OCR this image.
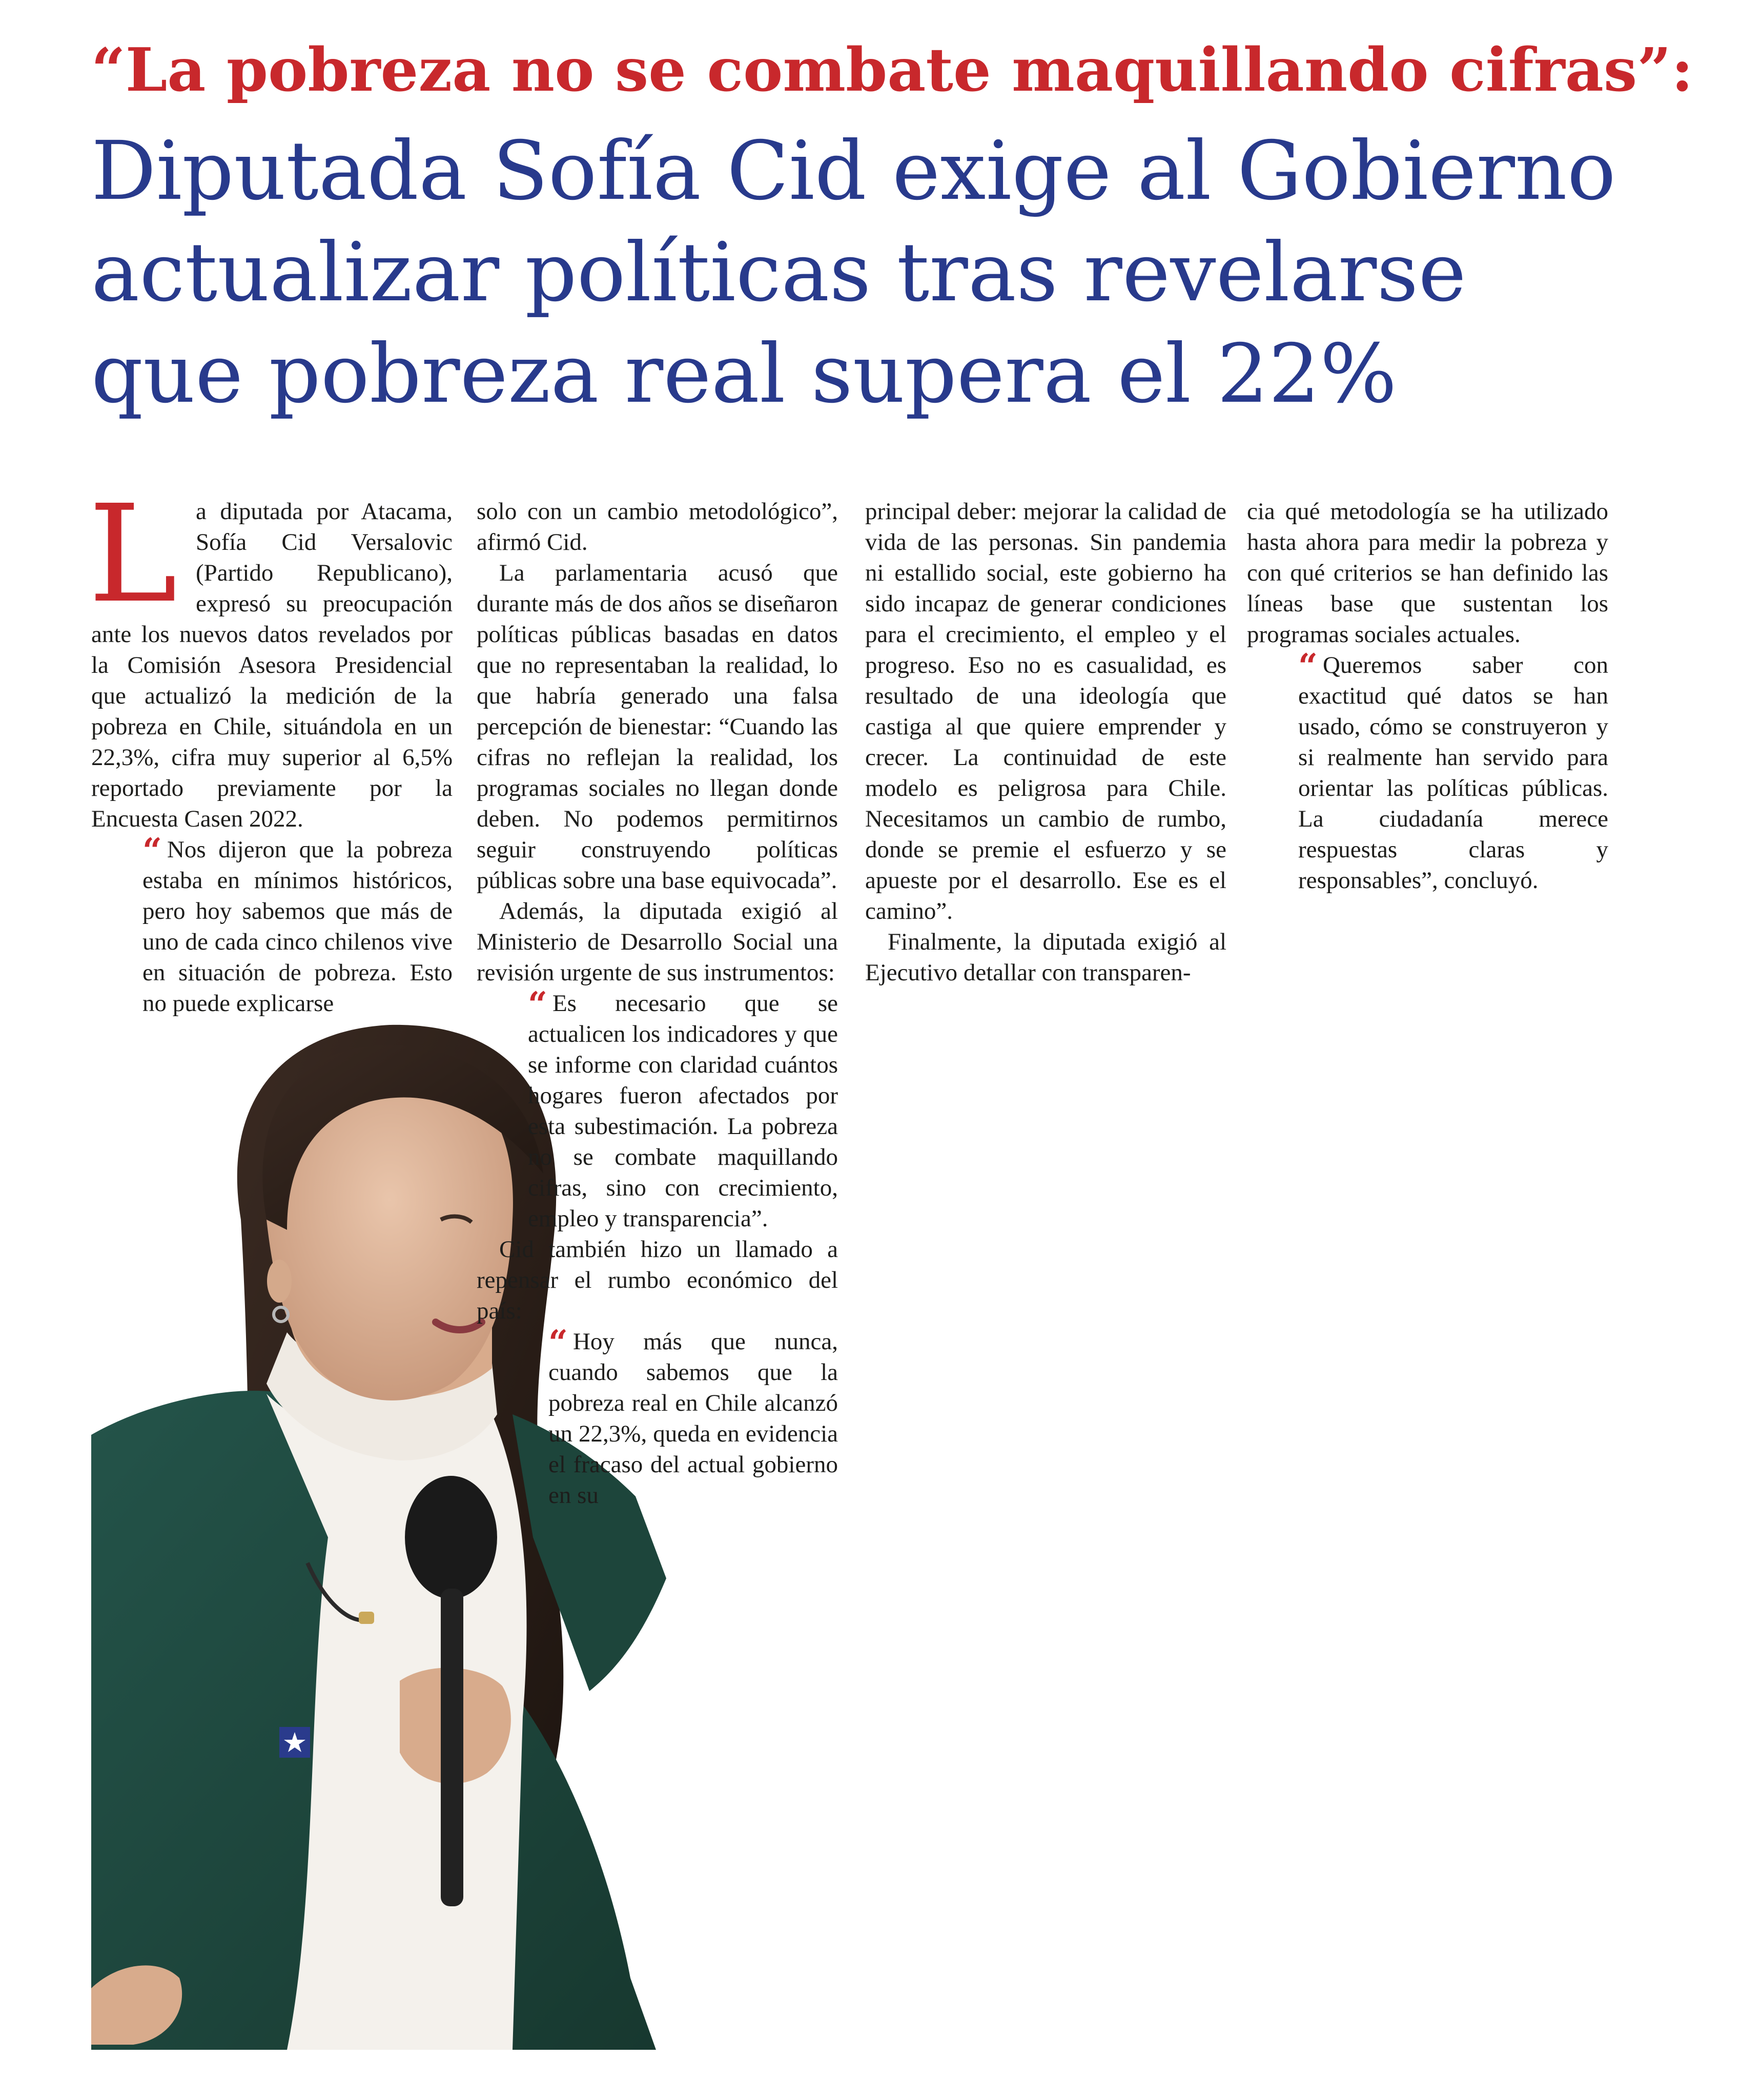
“La pobreza no se combate maquillando cifras”:
Diputada Sofía Cid exige al Gobierno
actualizar políticas tras revelarse
que pobreza real supera el 22%
L a diputada por Atacama, Sofía Cid Versalovic (Partido Republicano), expresó su preocupación ante los nuevos datos revelados por la Comisión Asesora Presidencial que actualizó la medición de la pobreza en Chile, situándola en un 22,3%, cifra muy superior al 6,5% reportado previamente por la Encuesta Casen 2022.

“ Nos dijeron que la pobreza estaba en mínimos históricos, pero hoy sabemos que más de uno de cada cinco chilenos vive en situación de pobreza. Esto no puede explicarse

solo con un cambio metodológico”, afirmó Cid.

La parlamentaria acusó que durante más de dos años se diseñaron políticas públicas basadas en datos que no representaban la realidad, lo que habría generado una falsa percepción de bienestar: “Cuando las cifras no reflejan la realidad, los programas sociales no llegan donde deben. No podemos permitirnos seguir construyendo políticas públicas sobre una base equivocada”.

Además, la diputada exigió al Ministerio de Desarrollo Social una revisión urgente de sus instrumentos:

“ Es necesario que se actualicen los indicadores y que se informe con claridad cuántos hogares fueron afectados por esta subestimación. La pobreza no se combate maquillando cifras, sino con crecimiento, empleo y transparencia”.

Cid también hizo un llamado a repensar el rumbo económico del país:

“ Hoy más que nunca, cuando sabemos que la pobreza real en Chile alcanzó un 22,3%, queda en evidencia el fracaso del actual gobierno en su

principal deber: mejorar la calidad de vida de las personas. Sin pandemia ni estallido social, este gobierno ha sido incapaz de generar condiciones para el crecimiento, el empleo y el progreso. Eso no es casualidad, es resultado de una ideología que castiga al que quiere emprender y crecer. La continuidad de este modelo es peligrosa para Chile. Necesitamos un cambio de rumbo, donde se premie el esfuerzo y se apueste por el desarrollo. Ese es el camino”.

Finalmente, la diputada exigió al Ejecutivo detallar con transparen-

cia qué metodología se ha utilizado hasta ahora para medir la pobreza y con qué criterios se han definido las líneas base que sustentan los programas sociales actuales.

“ Queremos saber con exactitud qué datos se han usado, cómo se construyeron y si realmente han servido para orientar las políticas públicas. La ciudadanía merece respuestas claras y responsables”, concluyó.
